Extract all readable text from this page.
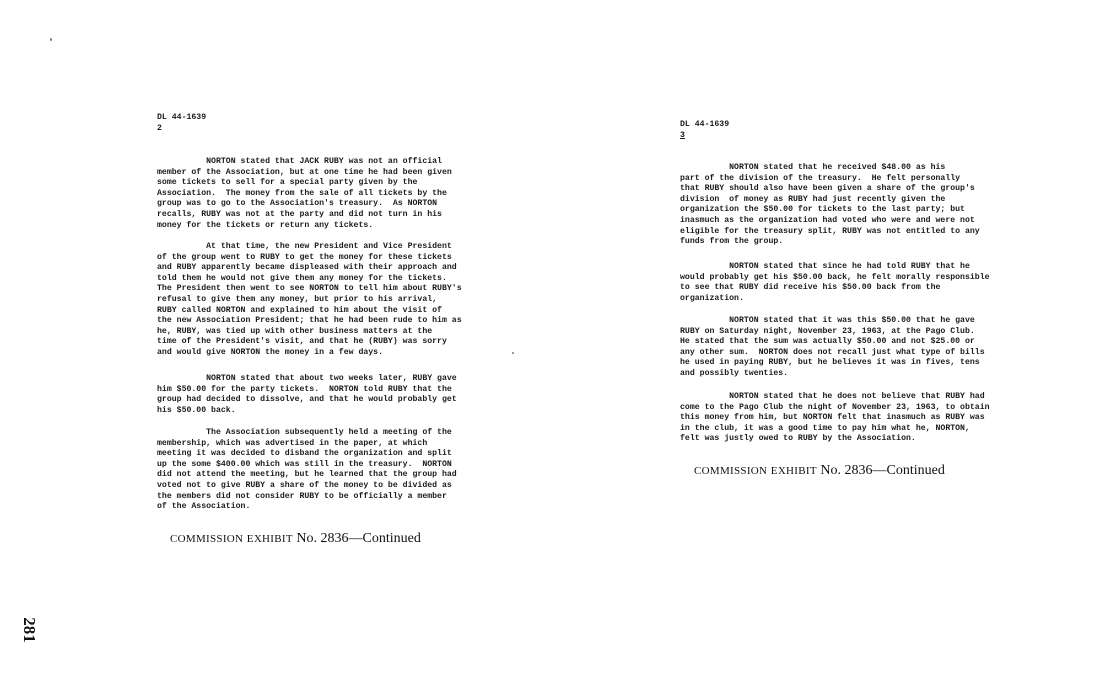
DL 44-1639
2
NORTON stated that JACK RUBY was not an official
member of the Association, but at one time he had been given
some tickets to sell for a special party given by the
Association.  The money from the sale of all tickets by the
group was to go to the Association's treasury.  As NORTON
recalls, RUBY was not at the party and did not turn in his
money for the tickets or return any tickets.
At that time, the new President and Vice President
of the group went to RUBY to get the money for these tickets
and RUBY apparently became displeased with their approach and
told them he would not give them any money for the tickets.
The President then went to see NORTON to tell him about RUBY's
refusal to give them any money, but prior to his arrival,
RUBY called NORTON and explained to him about the visit of
the new Association President; that he had been rude to him as
he, RUBY, was tied up with other business matters at the
time of the President's visit, and that he (RUBY) was sorry
and would give NORTON the money in a few days.
NORTON stated that about two weeks later, RUBY gave
him $50.00 for the party tickets.  NORTON told RUBY that the
group had decided to dissolve, and that he would probably get
his $50.00 back.
The Association subsequently held a meeting of the
membership, which was advertised in the paper, at which
meeting it was decided to disband the organization and split
up the some $400.00 which was still in the treasury.  NORTON
did not attend the meeting, but he learned that the group had
voted not to give RUBY a share of the money to be divided as
the members did not consider RUBY to be officially a member
of the Association.
COMMISSION EXHIBIT No. 2836—Continued
281
DL 44-1639
3
NORTON stated that he received $48.00 as his
part of the division of the treasury.  He felt personally
that RUBY should also have been given a share of the group's
division  of money as RUBY had just recently given the
organization the $50.00 for tickets to the last party; but
inasmuch as the organization had voted who were and were not
eligible for the treasury split, RUBY was not entitled to any
funds from the group.
NORTON stated that since he had told RUBY that he
would probably get his $50.00 back, he felt morally responsible
to see that RUBY did receive his $50.00 back from the
organization.
NORTON stated that it was this $50.00 that he gave
RUBY on Saturday night, November 23, 1963, at the Pago Club.
He stated that the sum was actually $50.00 and not $25.00 or
any other sum.  NORTON does not recall just what type of bills
he used in paying RUBY, but he believes it was in fives, tens
and possibly twenties.
NORTON stated that he does not believe that RUBY had
come to the Pago Club the night of November 23, 1963, to obtain
this money from him, but NORTON felt that inasmuch as RUBY was
in the club, it was a good time to pay him what he, NORTON,
felt was justly owed to RUBY by the Association.
COMMISSION EXHIBIT No. 2836—Continued
